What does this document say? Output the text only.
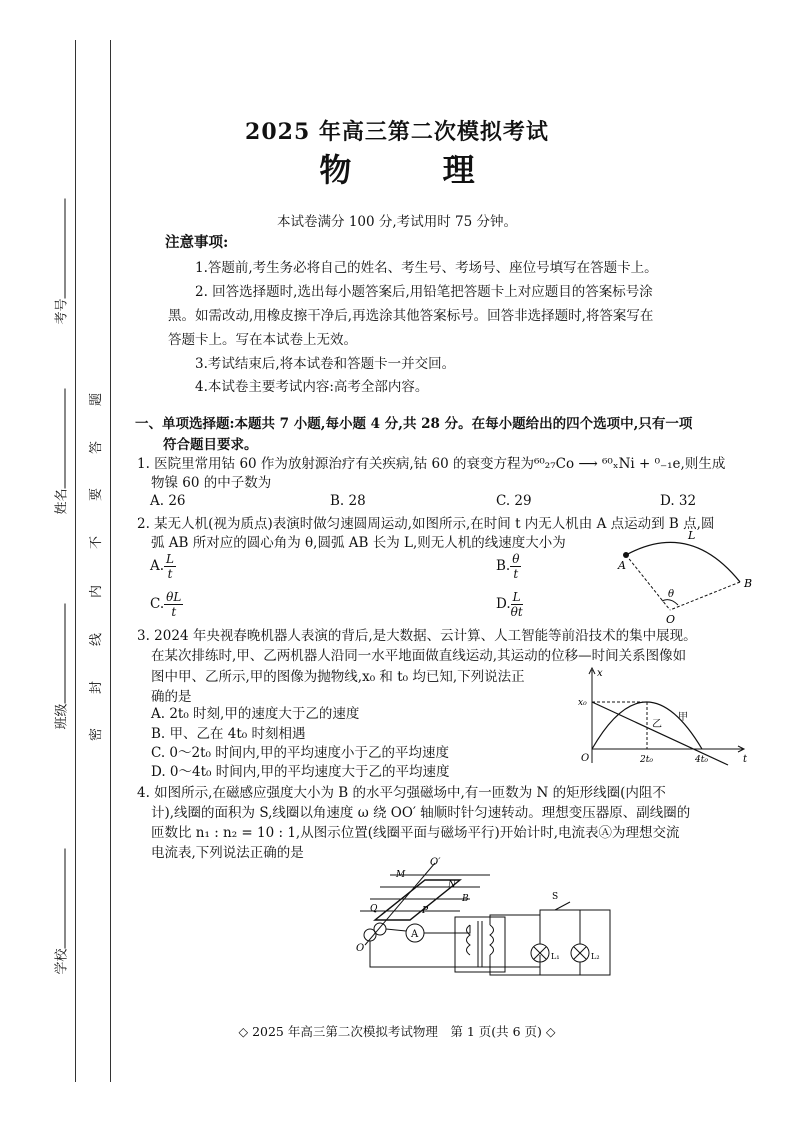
考号
姓名
班级
学校
密
封
线
内
不
要
答
题
2025 年高三第二次模拟考试
物 理
本试卷满分 100 分,考试用时 75 分钟。
注意事项:
1.答题前,考生务必将自己的姓名、考生号、考场号、座位号填写在答题卡上。
2. 回答选择题时,选出每小题答案后,用铅笔把答题卡上对应题目的答案标号涂
黑。如需改动,用橡皮擦干净后,再选涂其他答案标号。回答非选择题时,将答案写在
答题卡上。写在本试卷上无效。
3.考试结束后,将本试卷和答题卡一并交回。
4.本试卷主要考试内容:高考全部内容。
一、单项选择题:本题共 7 小题,每小题 4 分,共 28 分。在每小题给出的四个选项中,只有一项
符合题目要求。
1. 医院里常用钴 60 作为放射源治疗有关疾病,钴 60 的衰变方程为⁶⁰₂₇Co ⟶ ⁶⁰ₓNi + ⁰₋₁e,则生成
物镍 60 的中子数为
A. 26	B. 28	C. 29	D. 32
2. 某无人机(视为质点)表演时做匀速圆周运动,如图所示,在时间 t 内无人机由 A 点运动到 B 点,圆
弧 AB 所对应的圆心角为 θ,圆弧 AB 长为 L,则无人机的线速度大小为
A. $\frac{L}{t}$	B. $\frac{\theta}{t}$
C. $\frac{\theta L}{t}$	D. $\frac{L}{\theta t}$
A
B
O
L
θ
3. 2024 年央视春晚机器人表演的背后,是大数据、云计算、人工智能等前沿技术的集中展现。
在某次排练时,甲、乙两机器人沿同一水平地面做直线运动,其运动的位移—时间关系图像如
图中甲、乙所示,甲的图像为抛物线,x₀ 和 t₀ 均已知,下列说法正
确的是
A. 2t₀ 时刻,甲的速度大于乙的速度
B. 甲、乙在 4t₀ 时刻相遇
C. 0～2t₀ 时间内,甲的平均速度小于乙的平均速度
D. 0～4t₀ 时间内,甲的平均速度大于乙的平均速度
x
t
O
x₀
2t₀	4t₀
甲
乙
4. 如图所示,在磁感应强度大小为 B 的水平匀强磁场中,有一匝数为 N 的矩形线圈(内阻不
计),线圈的面积为 S,线圈以角速度 ω 绕 OO′ 轴顺时针匀速转动。理想变压器原、副线圈的
匝数比 n₁ : n₂ = 10 : 1,从图示位置(线圈平面与磁场平行)开始计时,电流表Ⓐ为理想交流
电流表,下列说法正确的是
O
O′
M
N
B
Q	P
A
S
L₁	L₂
◇ 2025 年高三第二次模拟考试物理　第 1 页(共 6 页) ◇
